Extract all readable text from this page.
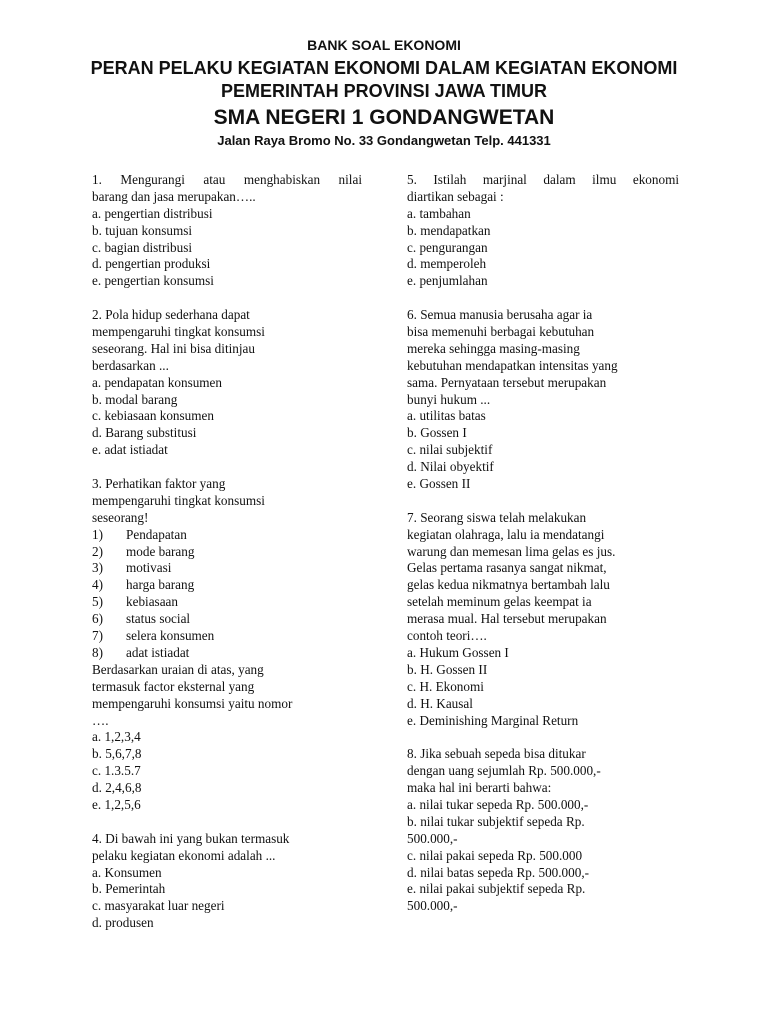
BANK SOAL EKONOMI
PERAN PELAKU KEGIATAN EKONOMI DALAM KEGIATAN EKONOMI
PEMERINTAH PROVINSI JAWA TIMUR
SMA NEGERI 1 GONDANGWETAN
Jalan Raya Bromo No. 33 Gondangwetan Telp. 441331
1. Mengurangi atau menghabiskan nilai
barang dan jasa merupakan…..
a. pengertian distribusi
b. tujuan konsumsi
c. bagian distribusi
d. pengertian produksi
e. pengertian konsumsi
2. Pola hidup sederhana dapat
mempengaruhi tingkat konsumsi
seseorang. Hal ini bisa ditinjau
berdasarkan ...
a. pendapatan konsumen
b. modal barang
c. kebiasaan konsumen
d. Barang substitusi
e. adat istiadat
3. Perhatikan faktor yang
mempengaruhi tingkat konsumsi
seseorang!
1) Pendapatan
2) mode barang
3) motivasi
4) harga barang
5) kebiasaan
6) status social
7) selera konsumen
8) adat istiadat
Berdasarkan uraian di atas, yang
termasuk factor eksternal yang
mempengaruhi konsumsi yaitu nomor
….
a. 1,2,3,4
b. 5,6,7,8
c. 1.3.5.7
d. 2,4,6,8
e. 1,2,5,6
4. Di bawah ini yang bukan termasuk
pelaku kegiatan ekonomi adalah ...
a. Konsumen
b. Pemerintah
c. masyarakat luar negeri
d. produsen
5. Istilah marjinal dalam ilmu ekonomi
diartikan sebagai :
a. tambahan
b. mendapatkan
c. pengurangan
d. memperoleh
e. penjumlahan
6. Semua manusia berusaha agar ia
bisa memenuhi berbagai kebutuhan
mereka sehingga masing-masing
kebutuhan mendapatkan intensitas yang
sama. Pernyataan tersebut merupakan
bunyi hukum ...
a. utilitas batas
b. Gossen I
c. nilai subjektif
d. Nilai obyektif
e. Gossen II
7. Seorang siswa telah melakukan
kegiatan olahraga, lalu ia mendatangi
warung dan memesan lima gelas es jus.
Gelas pertama rasanya sangat nikmat,
gelas kedua nikmatnya bertambah lalu
setelah meminum gelas keempat ia
merasa mual. Hal tersebut merupakan
contoh teori….
a. Hukum Gossen I
b. H. Gossen II
c. H. Ekonomi
d. H. Kausal
e. Deminishing Marginal Return
8. Jika sebuah sepeda bisa ditukar
dengan uang sejumlah Rp. 500.000,-
maka hal ini berarti bahwa:
a. nilai tukar sepeda Rp. 500.000,-
b. nilai tukar subjektif sepeda Rp.
500.000,-
c. nilai pakai sepeda Rp. 500.000
d. nilai batas sepeda Rp. 500.000,-
e. nilai pakai subjektif sepeda Rp.
500.000,-
